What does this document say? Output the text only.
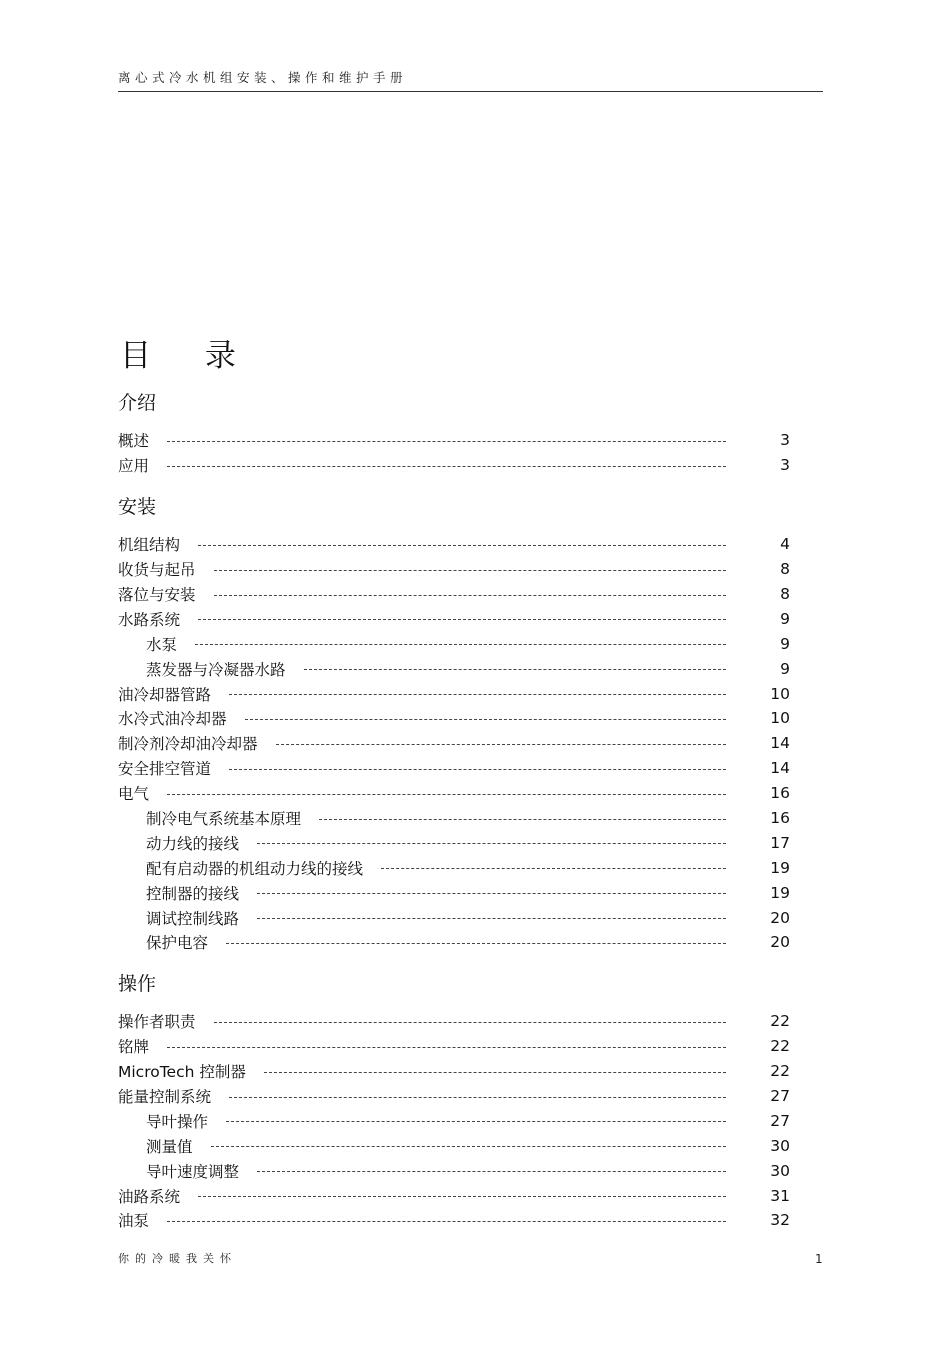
离心式冷水机组安装、操作和维护手册
目 录
介绍
概述	3
应用	3
安装
机组结构	4
收货与起吊	8
落位与安装	8
水路系统	9
水泵	9
蒸发器与冷凝器水路	9
油冷却器管路	10
水冷式油冷却器	10
制冷剂冷却油冷却器	14
安全排空管道	14
电气	16
制冷电气系统基本原理	16
动力线的接线	17
配有启动器的机组动力线的接线	19
控制器的接线	19
调试控制线路	20
保护电容	20
操作
操作者职责	22
铭牌	22
MicroTech 控制器	22
能量控制系统	27
导叶操作	27
测量值	30
导叶速度调整	30
油路系统	31
油泵	32
你的冷暖我关怀	1
